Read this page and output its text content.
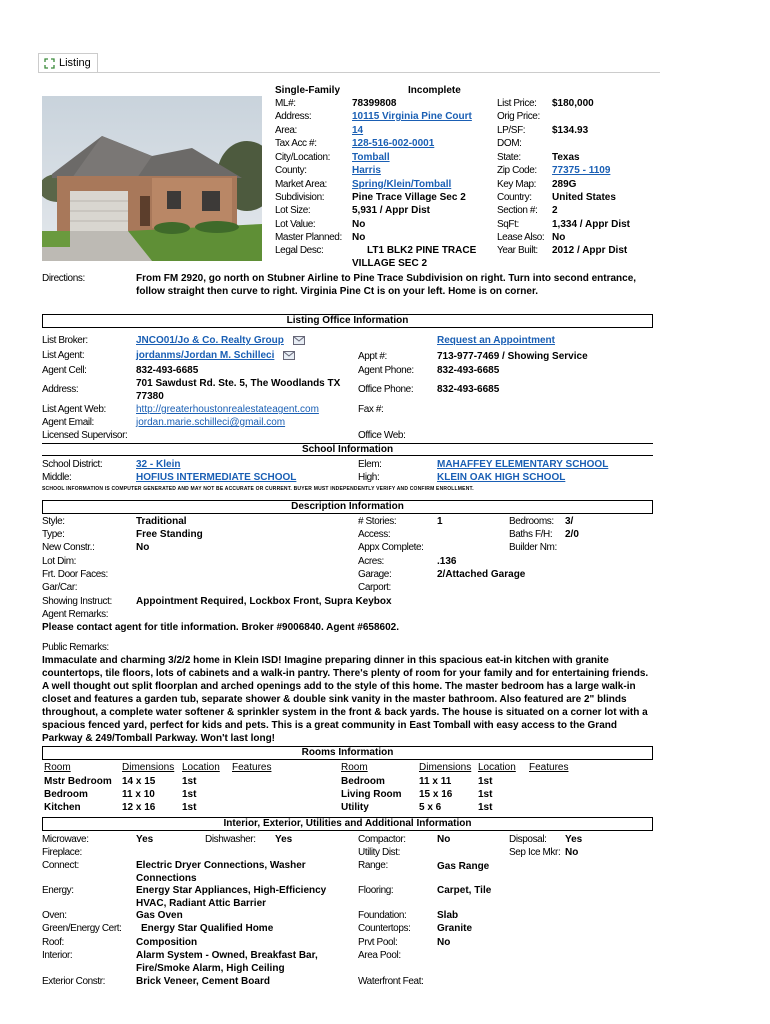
Listing
Single-Family	Incomplete
ML#:	78399808
Address:	10115 Virginia Pine Court
Area:	14
Tax Acc #:	128-516-002-0001
City/Location: Tomball
County:	Harris
Market Area:	Spring/Klein/Tomball
Subdivision:	Pine Trace Village Sec 2
Lot Size:	5,931 / Appr Dist
Lot Value:	No
Master Planned: No
Legal Desc:	LT1 BLK2 PINE TRACE
VILLAGE SEC 2
List Price: $180,000
Orig Price:
LP/SF:	$134.93
DOM:
State:	Texas
Zip Code: 77375 - 1109
Key Map: 289G
Country: United States
Section #: 2
SqFt:	1,334 / Appr Dist
Lease Also: No
Year Built: 2012 / Appr Dist
Directions:	From FM 2920, go north on Stubner Airline to Pine Trace Subdivision on right. Turn into second entrance,
follow straight then curve to right. Virginia Pine Ct is on your left. Home is on corner.
Listing Office Information
List Broker:	JNCO01/Jo & Co. Realty Group	Request an Appointment
List Agent:	jordanms/Jordan M. Schilleci	Appt #:	713-977-7469 / Showing Service
Agent Cell:	832-493-6685	Agent Phone: 832-493-6685
Address:
701 Sawdust Rd. Ste. 5, The Woodlands TX
77380
Office Phone: 832-493-6685
List Agent Web:	http://greaterhoustonrealestateagent.com	Fax #:
Agent Email:	jordan.marie.schilleci@gmail.com
Licensed Supervisor:	Office Web:
School Information
School District:	32 - Klein	Elem:	MAHAFFEY ELEMENTARY SCHOOL
Middle:	HOFIUS INTERMEDIATE SCHOOL	High:	KLEIN OAK HIGH SCHOOL
SCHOOL INFORMATION IS COMPUTER GENERATED AND MAY NOT BE ACCURATE OR CURRENT. BUYER MUST INDEPENDENTLY VERIFY AND CONFIRM ENROLLMENT.
Description Information
Style:	Traditional	# Stories:	1	Bedrooms: 3/
Type:	Free Standing	Access:	Baths F/H: 2/0
New Constr.:	No	Appx Complete:	Builder Nm:
Lot Dim:	Acres:	.136
Frt. Door Faces:	Garage:	2/Attached Garage
Gar/Car:	Carport:
Showing Instruct: Appointment Required, Lockbox Front, Supra Keybox
Agent Remarks:
Please contact agent for title information. Broker #9006840. Agent #658602.
Public Remarks:
Immaculate and charming 3/2/2 home in Klein ISD! Imagine preparing dinner in this spacious eat-in kitchen with granite countertops, tile floors, lots of cabinets and a walk-in pantry. There's plenty of room for your family and for entertaining friends. A well thought out split floorplan and arched openings add to the style of this home. The master bedroom has a large walk-in closet and features a garden tub, separate shower & double sink vanity in the master bathroom. Also featured are 2" blinds throughout, a complete water softener & sprinkler system in the front & back yards. The house is situated on a corner lot with a spacious fenced yard, perfect for kids and pets. This is a great community in East Tomball with easy access to the Grand Parkway & 249/Tomball Parkway. Won't last long!
Rooms Information
Room	Dimensions Location Features	Room	Dimensions Location Features
Mstr Bedroom 14 x 15	1st	Bedroom	11 x 11	1st
Bedroom	11 x 10	1st	Living Room 15 x 16	1st
Kitchen	12 x 16	1st	Utility	5 x 6	1st
Interior, Exterior, Utilities and Additional Information
Microwave:	Yes	Dishwasher: Yes	Compactor:	No	Disposal: Yes
Fireplace:	Utility Dist:	Sep Ice Mkr: No
Connect:	Electric Dryer Connections, Washer
Connections
Range:	Gas Range
Energy:	Energy Star Appliances, High-Efficiency
HVAC, Radiant Attic Barrier
Flooring:	Carpet, Tile
Oven:	Gas Oven	Foundation:	Slab
Green/Energy Cert: Energy Star Qualified Home	Countertops:	Granite
Roof:	Composition	Prvt Pool:	No
Interior:	Alarm System - Owned, Breakfast Bar,
Fire/Smoke Alarm, High Ceiling
Area Pool:
Exterior Constr:	Brick Veneer, Cement Board	Waterfront Feat:
